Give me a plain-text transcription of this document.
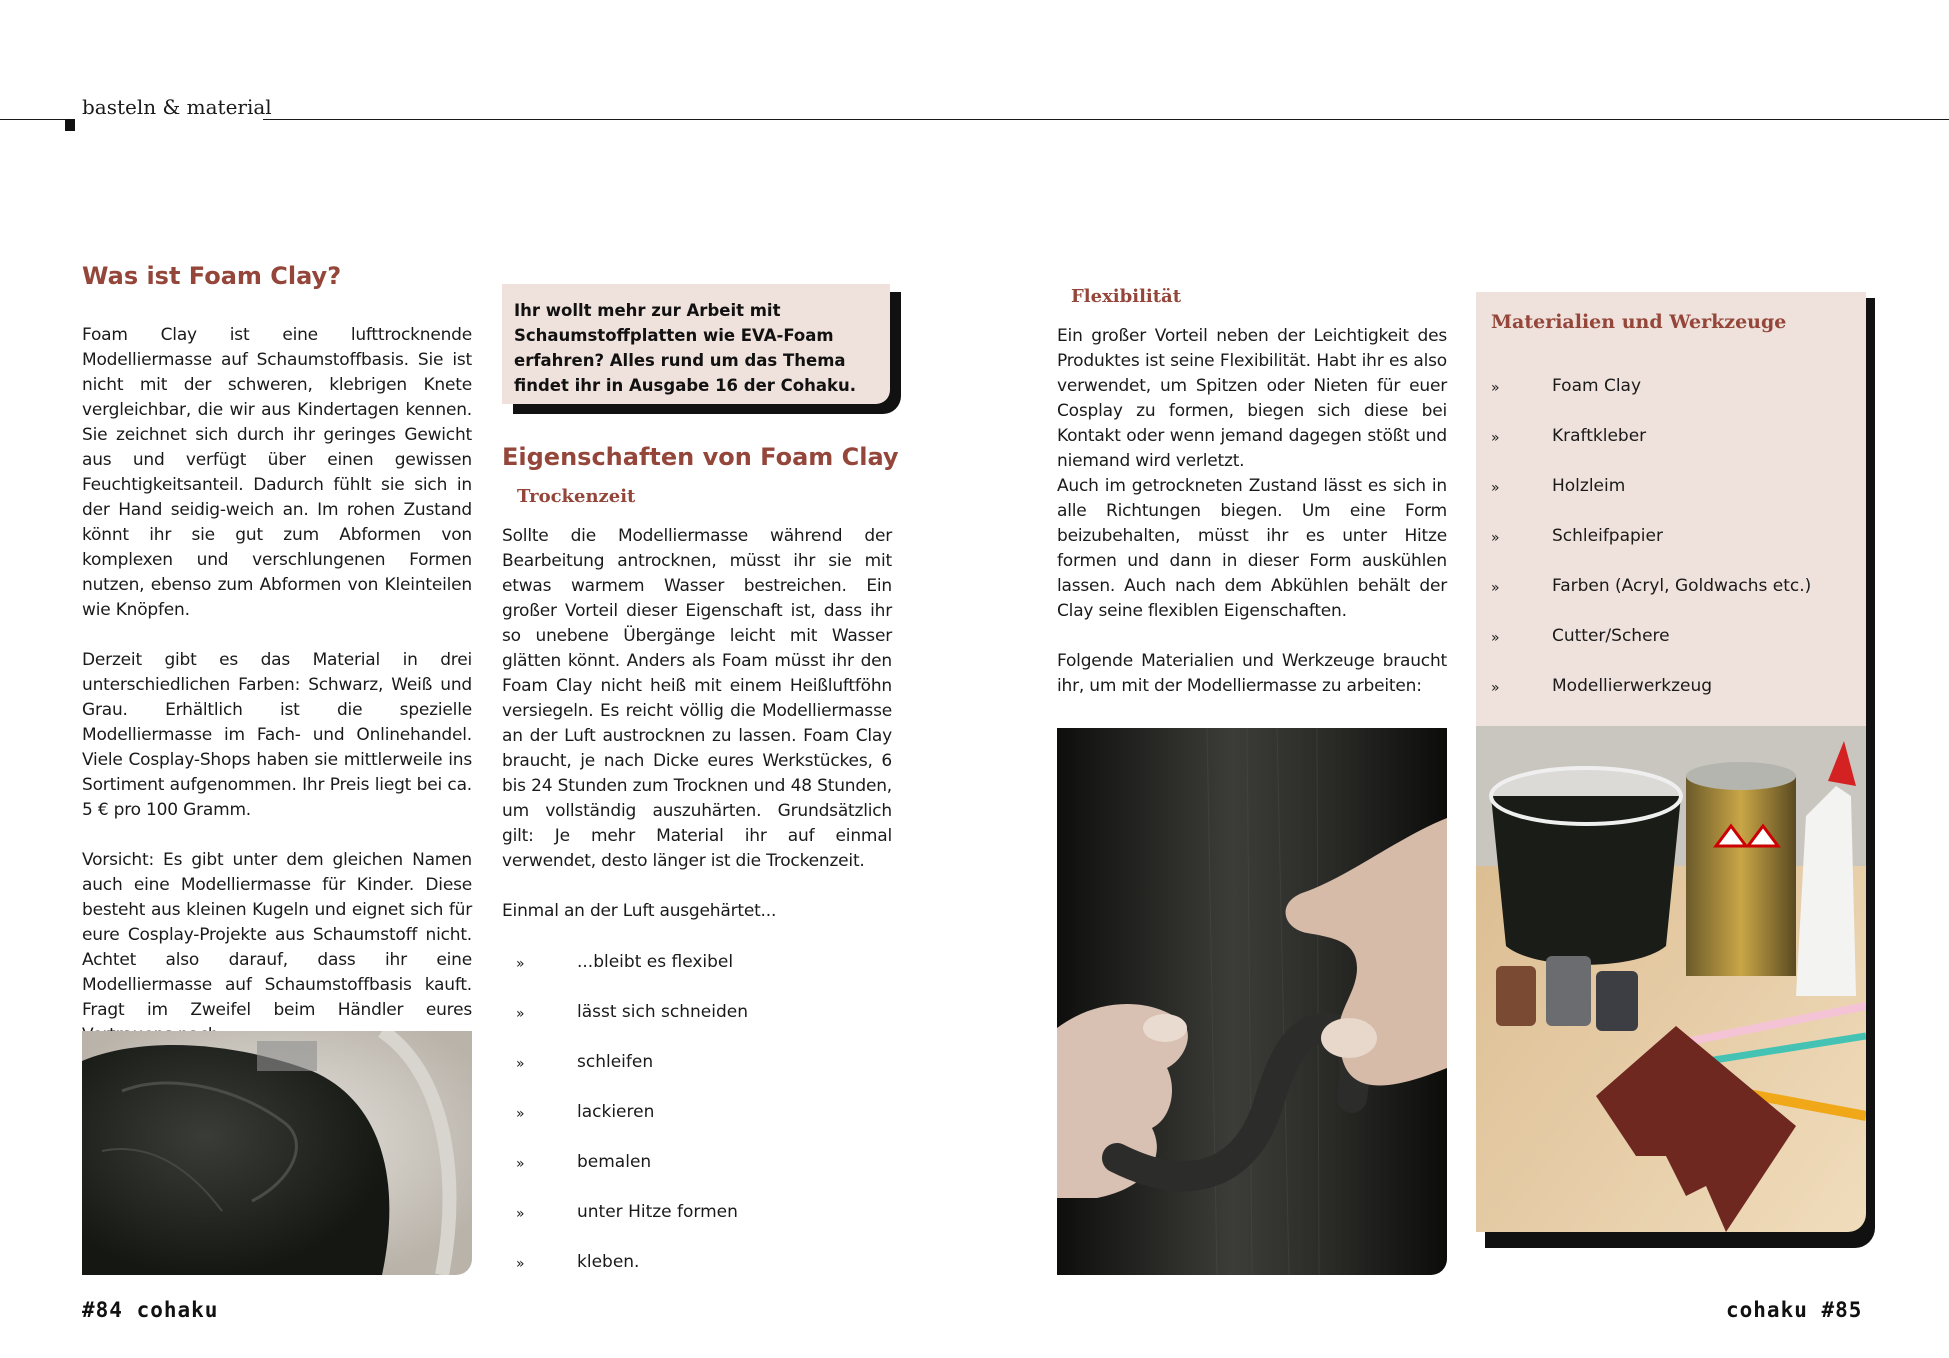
basteln & material
Was ist Foam Clay?

Foam Clay ist eine lufttrocknende Modelliermasse auf Schaumstoffbasis. Sie ist nicht mit der schweren, klebrigen Knete vergleichbar, die wir aus Kindertagen kennen. Sie zeichnet sich durch ihr geringes Gewicht aus und verfügt über einen gewissen Feuchtigkeitsanteil. Dadurch fühlt sie sich in der Hand seidig-weich an. Im rohen Zustand könnt ihr sie gut zum Abformen von komplexen und verschlungenen Formen nutzen, ebenso zum Abformen von Kleinteilen wie Knöpfen.

Derzeit gibt es das Material in drei unterschiedlichen Farben: Schwarz, Weiß und Grau. Erhältlich ist die spezielle Modelliermasse im Fach- und Onlinehandel. Viele Cosplay-Shops haben sie mittlerweile ins Sortiment aufgenommen. Ihr Preis liegt bei ca. 5 € pro 100 Gramm.

Vorsicht: Es gibt unter dem gleichen Namen auch eine Modelliermasse für Kinder. Diese besteht aus kleinen Kugeln und eignet sich für eure Cosplay-Projekte aus Schaumstoff nicht. Achtet also darauf, dass ihr eine Modelliermasse auf Schaumstoffbasis kauft. Fragt im Zweifel beim Händler eures

Ihr wollt mehr zur Arbeit mit Schaumstoffplatten wie EVA-Foam erfahren? Alles rund um das Thema findet ihr in Ausgabe 16 der Cohaku.
Eigenschaften von Foam Clay
Trockenzeit

Sollte die Modelliermasse während der Bearbeitung antrocknen, müsst ihr sie mit etwas warmem Wasser bestreichen. Ein großer Vorteil dieser Eigenschaft ist, dass ihr so unebene Übergänge leicht mit Wasser glätten könnt. Anders als Foam müsst ihr den Foam Clay nicht heiß mit einem Heißluftföhn versiegeln. Es reicht völlig die Modelliermasse an der Luft austrocknen zu lassen. Foam Clay braucht, je nach Dicke eures Werkstückes, 6 bis 24 Stunden zum Trocknen und 48 Stunden, um vollständig auszuhärten. Grundsätzlich gilt: Je mehr Material ihr auf einmal verwendet, desto länger ist die Trockenzeit.

Einmal an der Luft ausgehärtet...

»	...bleibt es flexibel
»	lässt sich schneiden
»	schleifen
»	lackieren
»	bemalen
»	unter Hitze formen
»	kleben.
Flexibilität

Ein großer Vorteil neben der Leichtigkeit des Produktes ist seine Flexibilität. Habt ihr es also verwendet, um Spitzen oder Nieten für euer Cosplay zu formen, biegen sich diese bei Kontakt oder wenn jemand dagegen stößt und niemand wird verletzt.

Auch im getrockneten Zustand lässt es sich in alle Richtungen biegen. Um eine Form beizubehalten, müsst ihr es unter Hitze formen und dann in dieser Form auskühlen lassen. Auch nach dem Abkühlen behält der Clay seine flexiblen Eigenschaften.

Folgende Materialien und Werkzeuge braucht ihr, um mit der Modelliermasse zu arbeiten:

Materialien und Werkzeuge
»	Foam Clay
»	Kraftkleber
»	Holzleim
»	Schleifpapier
»	Farben (Acryl, Goldwachs etc.)
»	Cutter/Schere
»	Modellierwerkzeug
#84 cohaku	cohaku #85
